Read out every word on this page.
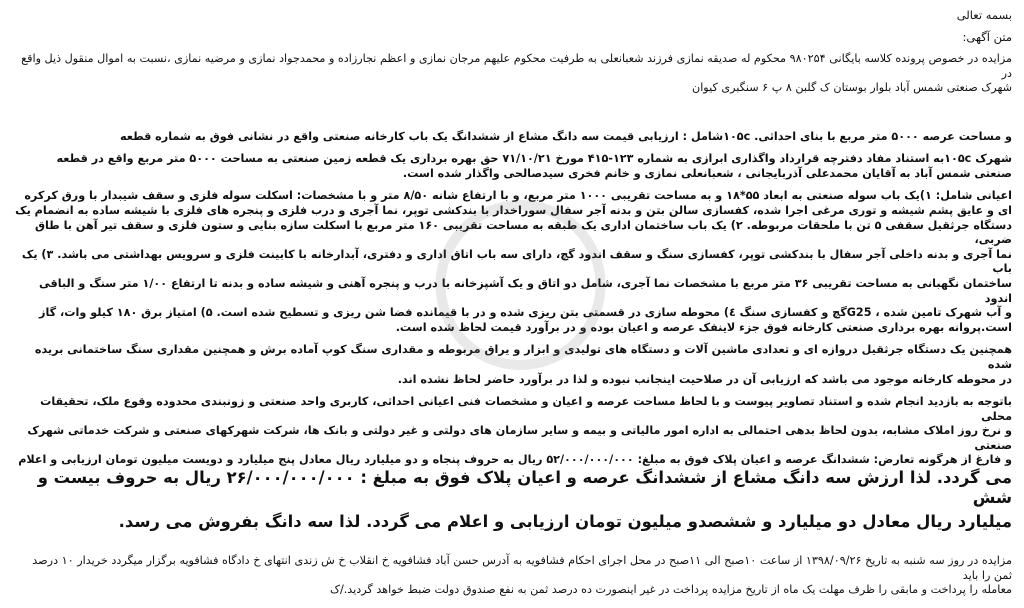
بسمه تعالی

متن آگهی:

مزایده در خصوص پرونده کلاسه بایگانی ۹۸۰۲۵۴ محکوم له صدیقه نمازی فرزند شعبانعلی به طرفیت محکوم علیهم مرجان نمازی و اعظم نجارزاده و محمدجواد نمازی و مرضیه نمازی ،نسبت به اموال منقول ذیل واقع در

شهرک صنعتی شمس آباد بلوار بوستان ک گلبن ۸ پ ۶ سنگبری کیوان

و مساحت عرصه ۵۰۰۰ متر مربع با بنای احداثی. ۱۰۵cشامل : ارزیابی قیمت سه دانگ مشاع از ششدانگ یک باب کارخانه صنعتی واقع در نشانی فوق به شماره قطعه

شهرک ۱۰۵cبه استناد مفاد دفترچه قرارداد واگذاری ابرازی به شماره ۱۲۳-۴۱۵ مورخ ۷۱/۱۰/۲۱ حق بهره برداری یک قطعه زمین صنعتی به مساحت ۵۰۰۰ متر مربع واقع در قطعه

صنعتی شمس آباد به آقایان محمدعلی آذربایجانی ، شعبانعلی نمازی و خانم فخری سیدصالحی واگذار شده است.

اعیانی شامل: ۱)یک باب سوله صنعتی به ابعاد ۵۵*۱۸ و به مساحت تقریبی ۱۰۰۰ متر مربع، و با ارتفاع شانه ۸/۵۰ متر و با مشخصات: اسکلت سوله فلزی و سقف شیبدار با ورق کرکره

ای و عایق پشم شیشه و توری مرغی اجرا شده، کفسازی سالن بتن و بدنه آجر سفال سوراخدار با بندکشی توپر، نما آجری و درب فلزی و پنجره های فلزی با شیشه ساده به انضمام یک

دستگاه جرثقیل سقفی ۵ تن با ملحقات مربوطه. ۲) یک باب ساختمان اداری یک طبقه به مساحت تقریبی ۱۶۰ متر مربع با اسکلت سازه بنایی و ستون فلزی و سقف تیر آهن با طاق ضربی،

نما آجری و بدنه داخلی آجر سفال با بندکشی توپر، کفسازی سنگ و سقف اندود گچ، دارای سه باب اتاق اداری و دفتری، آبدارخانه با کابینت فلزی و سرویس بهداشتی می باشد. ۳) یک باب

ساختمان نگهبانی به مساحت تقریبی ۳۶ متر مربع با مشخصات نما آجری، شامل دو اتاق و یک آشپزخانه با درب و پنجره آهنی و شیشه ساده و بدنه تا ارتفاع ۱/۰۰ متر سنگ و الباقی اندود

و آب شهرک تامین شده ، G25گچ و کفسازی سنگ ٤) محوطه سازی در قسمتی بتن ریزی شده و در با قیمانده فضا شن ریزی و تسطیح شده است. ۵) امتیاز برق ۱۸۰ کیلو وات، گاز

است.پروانه بهره برداری صنعتی کارخانه فوق جزء لاینفک عرصه و اعیان بوده و در برآورد قیمت لحاظ شده است.

همچنین یک دستگاه جرثقیل دروازه ای و تعدادی ماشین آلات و دستگاه های تولیدی و ابزار و یراق مربوطه و مقداری سنگ کوپ آماده برش و همچنین مقداری سنگ ساختمانی بریده شده

در محوطه کارخانه موجود می باشد که ارزیابی آن در صلاحیت اینجانب نبوده و لذا در برآورد حاضر لحاظ نشده اند.

باتوجه به بازدید انجام شده و استناد تصاویر پیوست و با لحاظ مساحت عرصه و اعیان و مشخصات فنی اعیانی احداثی، کاربری واحد صنعتی و زونبندی محدوده وقوع ملک، تحقیقات محلی

و نرخ روز املاک مشابه، بدون لحاظ بدهی احتمالی به اداره امور مالیاتی و بیمه و سایر سازمان های دولتی و غیر دولتی و بانک ها، شرکت شهرکهای صنعتی و شرکت خدماتی شهرک صنعتی

و فارغ از هرگونه تعارض: ششدانگ عرصه و اعیان پلاک فوق به مبلغ: ۵۲/۰۰۰/۰۰۰/۰۰۰ ریال به حروف پنجاه و دو میلیارد ریال معادل پنج میلیارد و دویست میلیون تومان ارزیابی و اعلام

می گردد. لذا ارزش سه دانگ مشاع از ششدانگ عرصه و اعیان پلاک فوق به مبلغ : ۲۶/۰۰۰/۰۰۰/۰۰۰ ریال به حروف بیست و شش

میلیارد ریال معادل دو میلیارد و ششصدو میلیون تومان ارزیابی و اعلام می گردد. لذا سه دانگ بفروش می رسد.

مزایده در روز سه شنبه به تاریخ ۱۳۹۸/۰۹/۲۶ از ساعت ۱۰صبح الی ۱۱صبح در محل اجرای احکام فشافویه به آدرس حسن آباد فشافویه خ انقلاب خ ش زندی انتهای خ دادگاه فشافویه برگزار میگردد خریدار ۱۰ درصد ثمن را باید

معامله را پرداخت و مابقی را ظرف مهلت یک ماه از تاریخ مزایده پرداخت در غیر اینصورت ده درصد ثمن به نفع صندوق دولت ضبط خواهد گردید./ک
